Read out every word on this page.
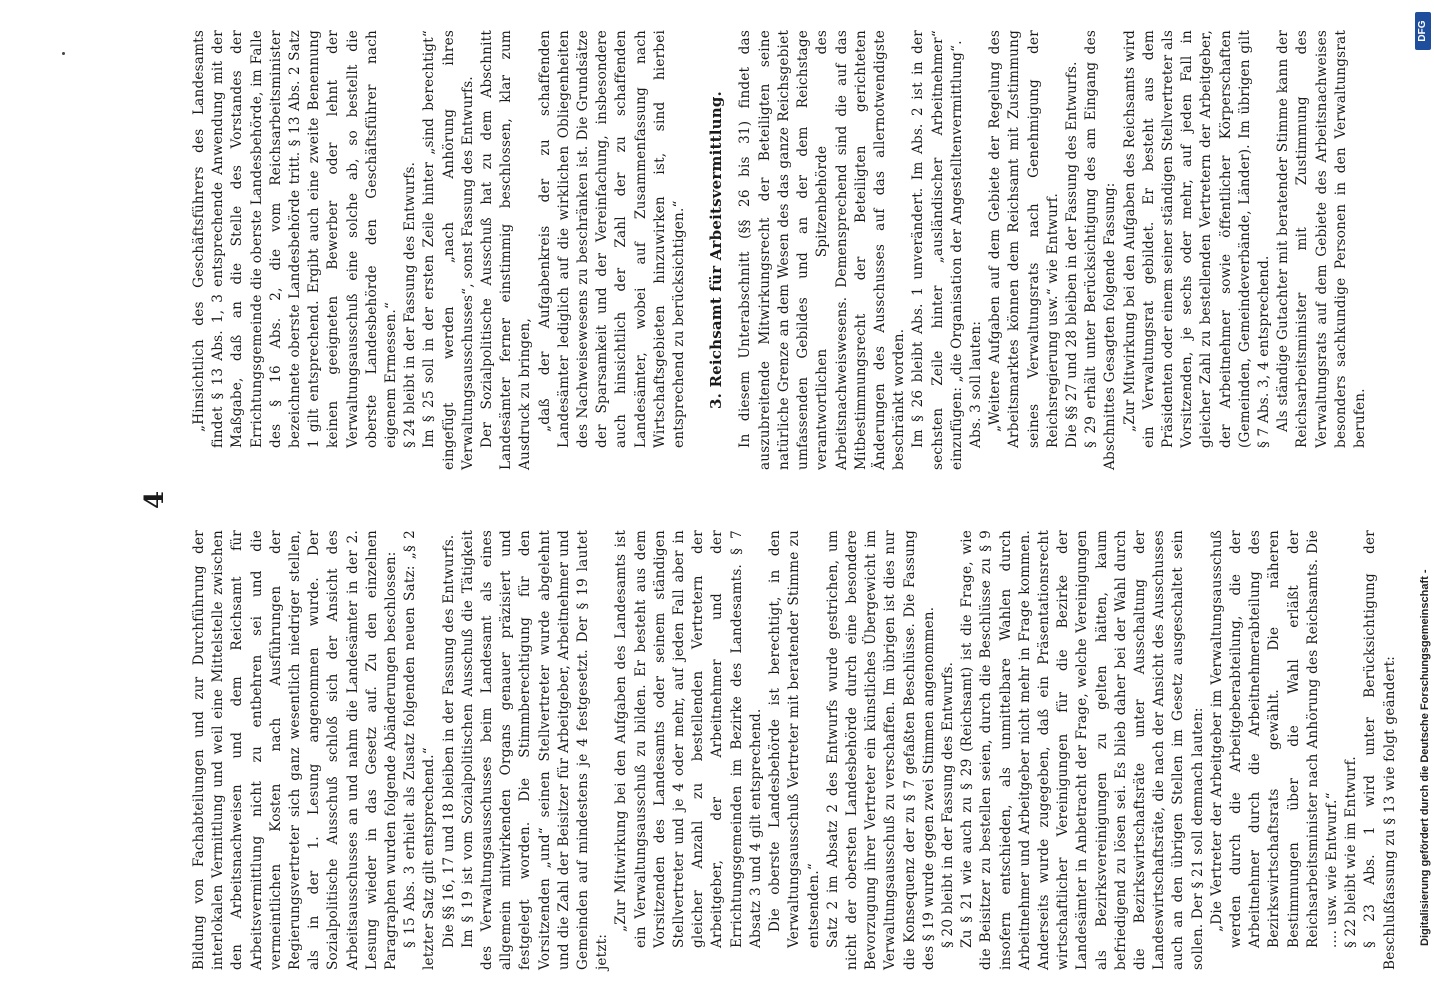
4

Bildung von Fachabteilungen und zur Durchführung der interlokalen Vermittlung und weil eine Mittelstelle zwischen den Arbeitsnachweisen und dem Reichsamt für Arbeitsvermittlung nicht zu entbehren sei und die vermeintlichen Kosten nach Ausführungen der Regierungsvertreter sich ganz wesentlich niedriger stellen, als in der 1. Lesung angenommen wurde. Der Sozialpolitische Ausschuß schloß sich der Ansicht des Arbeitsausschusses an und nahm die Landesämter in der 2. Lesung wieder in das Gesetz auf. Zu den einzelnen Paragraphen wurden folgende Abänderungen beschlossen: § 15 Abs. 3 erhielt als Zusatz folgenden neuen Satz: „§ 2 letzter Satz gilt entsprechend.“ Die §§ 16, 17 und 18 bleiben in der Fassung des Entwurfs. Im § 19 ist vom Sozialpolitischen Ausschuß die Tätigkeit des Verwaltungsausschusses beim Landesamt als eines allgemein mitwirkenden Organs genauer präzisiert und festgelegt worden. Die Stimmberechtigung für den Vorsitzenden „und“ seinen Stellvertreter wurde abgelehnt und die Zahl der Beisitzer für Arbeitgeber, Arbeitnehmer und Gemeinden auf mindestens je 4 festgesetzt. Der § 19 lautet jetzt:

„Zur Mitwirkung bei den Aufgaben des Landesamts ist ein Verwaltungsausschuß zu bilden. Er besteht aus dem Vorsitzenden des Landesamts oder seinem ständigen Stellvertreter und je 4 oder mehr, auf jeden Fall aber in gleicher Anzahl zu bestellenden Vertretern der Arbeitgeber, der Arbeitnehmer und der Errichtungsgemeinden im Bezirke des Landesamts. § 7 Absatz 3 und 4 gilt entsprechend. Die oberste Landesbehörde ist berechtigt, in den Verwaltungsausschuß Vertreter mit beratender Stimme zu entsenden.“ Satz 2 im Absatz 2 des Entwurfs wurde gestrichen, um nicht der obersten Landesbehörde durch eine besondere Bevorzugung ihrer Vertreter ein künstliches Übergewicht im Verwaltungsausschuß zu verschaffen. Im übrigen ist dies nur die Konsequenz der zu § 7 gefaßten Beschlüsse. Die Fassung des § 19 wurde gegen zwei Stimmen angenommen. § 20 bleibt in der Fassung des Entwurfs. Zu § 21 wie auch zu § 29 (Reichsamt) ist die Frage, wie die Beisitzer zu bestellen seien, durch die Beschlüsse zu § 9 insofern entschieden, als unmittelbare Wahlen durch Arbeitnehmer und Arbeitgeber nicht mehr in Frage kommen. Anderseits wurde zugegeben, daß ein Präsentationsrecht wirtschaftlicher Vereinigungen für die Bezirke der Landesämter in Anbetracht der Frage, welche Vereinigungen als Bezirksvereinigungen zu gelten hätten, kaum befriedigend zu lösen sei. Es blieb daher bei der Wahl durch die Bezirkswirtschaftsräte unter Ausschaltung der Landeswirtschaftsräte, die nach der Ansicht des Ausschusses auch an den übrigen Stellen im Gesetz ausgeschaltet sein sollen. Der § 21 soll demnach lauten: „Die Vertreter der Arbeitgeber im Verwaltungsausschuß werden durch die Arbeitgeberabteilung, die der Arbeitnehmer durch die Arbeitnehmerabteilung des Bezirkswirtschaftsrats gewählt. Die näheren Bestimmungen über die Wahl erläßt der Reichsarbeitsminister nach Anhörung des Reichsamts. Die .... usw. wie Entwurf.“ § 22 bleibt wie im Entwurf. § 23 Abs. 1 wird unter Berücksichtigung der Beschlußfassung zu § 13 wie folgt geändert:

„Hinsichtlich des Geschäftsführers des Landesamts findet § 13 Abs. 1, 3 entsprechende Anwendung mit der Maßgabe, daß an die Stelle des Vorstandes der Errichtungsgemeinde die oberste Landesbehörde, im Falle des § 16 Abs. 2, die vom Reichsarbeitsminister bezeichnete oberste Landesbehörde tritt. § 13 Abs. 2 Satz 1 gilt entsprechend. Ergibt auch eine zweite Benennung keinen geeigneten Bewerber oder lehnt der Verwaltungsausschuß eine solche ab, so bestellt die oberste Landesbehörde den Geschäftsführer nach eigenem Ermessen.“ § 24 bleibt in der Fassung des Entwurfs. Im § 25 soll in der ersten Zeile hinter „sind berechtigt“ eingefügt werden „nach Anhörung ihres Verwaltungsausschusses“, sonst Fassung des Entwurfs. Der Sozialpolitische Ausschuß hat zu dem Abschnitt Landesämter ferner einstimmig beschlossen, klar zum Ausdruck zu bringen, „daß der Aufgabenkreis der zu schaffenden Landesämter lediglich auf die wirklichen Obliegenheiten des Nachweisewesens zu beschränken ist. Die Grundsätze der Sparsamkeit und der Vereinfachung, insbesondere auch hinsichtlich der Zahl der zu schaffenden Landesämter, wobei auf Zusammenfassung nach Wirtschaftsgebieten hinzuwirken ist, sind hierbei entsprechend zu berücksichtigen.“ 3. Reichsamt für Arbeitsvermittlung. In diesem Unterabschnitt (§§ 26 bis 31) findet das auszubreitende Mitwirkungsrecht der Beteiligten seine natürliche Grenze an dem Wesen des das ganze Reichsgebiet umfassenden Gebildes und an der dem Reichstage verantwortlichen Spitzenbehörde des Arbeitsnachweiswesens. Demensprechend sind die auf das Mitbestimmungsrecht der Beteiligten gerichteten Änderungen des Ausschusses auf das allernotwendigste beschränkt worden. Im § 26 bleibt Abs. 1 unverändert. Im Abs. 2 ist in der sechsten Zeile hinter „ausländischer Arbeitnehmer“ einzufügen: „die Organisation der Angestelltenvermittlung“. Abs. 3 soll lauten: „Weitere Aufgaben auf dem Gebiete der Regelung des Arbeitsmarktes können dem Reichsamt mit Zustimmung seines Verwaltungsrats nach Genehmigung der Reichsregierung usw.“ wie Entwurf. Die §§ 27 und 28 bleiben in der Fassung des Entwurfs. § 29 erhält unter Berücksichtigung des am Eingang des Abschnittes Gesagten folgende Fassung: „Zur Mitwirkung bei den Aufgaben des Reichsamts wird ein Verwaltungsrat gebildet. Er besteht aus dem Präsidenten oder einem seiner ständigen Stellvertreter als Vorsitzenden, je sechs oder mehr, auf jeden Fall in gleicher Zahl zu bestellenden Vertretern der Arbeitgeber, der Arbeitnehmer sowie öffentlicher Körperschaften (Gemeinden, Gemeindeverbände, Länder). Im übrigen gilt § 7 Abs. 3, 4 entsprechend. Als ständige Gutachter mit beratender Stimme kann der Reichsarbeitsminister mit Zustimmung des Verwaltungsrats auf dem Gebiete des Arbeitsnachweises besonders sachkundige Personen in den Verwaltungsrat berufen.

DFG
Digitalisierung gefördert durch die Deutsche Forschungsgemeinschaft -
